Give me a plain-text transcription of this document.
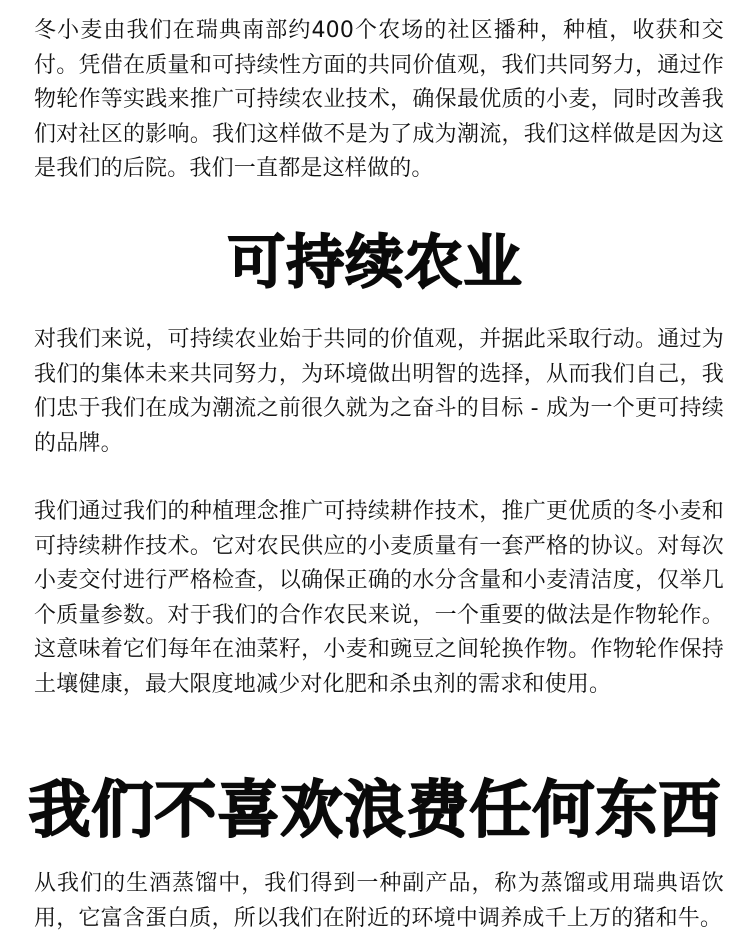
冬小麦由我们在瑞典南部约400个农场的社区播种，种植，收获和交付。凭借在质量和可持续性方面的共同价值观，我们共同努力，通过作物轮作等实践来推广可持续农业技术，确保最优质的小麦，同时改善我们对社区的影响。我们这样做不是为了成为潮流，我们这样做是因为这是我们的后院。我们一直都是这样做的。

可持续农业

对我们来说，可持续农业始于共同的价值观，并据此采取行动。通过为我们的集体未来共同努力，为环境做出明智的选择，从而我们自己，我们忠于我们在成为潮流之前很久就为之奋斗的目标 - 成为一个更可持续的品牌。

我们通过我们的种植理念推广可持续耕作技术，推广更优质的冬小麦和可持续耕作技术。它对农民供应的小麦质量有一套严格的协议。对每次小麦交付进行严格检查，以确保正确的水分含量和小麦清洁度，仅举几个质量参数。对于我们的合作农民来说，一个重要的做法是作物轮作。这意味着它们每年在油菜籽，小麦和豌豆之间轮换作物。作物轮作保持土壤健康，最大限度地减少对化肥和杀虫剂的需求和使用。

我们不喜欢浪费任何东西

从我们的生酒蒸馏中，我们得到一种副产品，称为蒸馏或用瑞典语饮用，它富含蛋白质，所以我们在附近的环境中调养成千上万的猪和牛。
